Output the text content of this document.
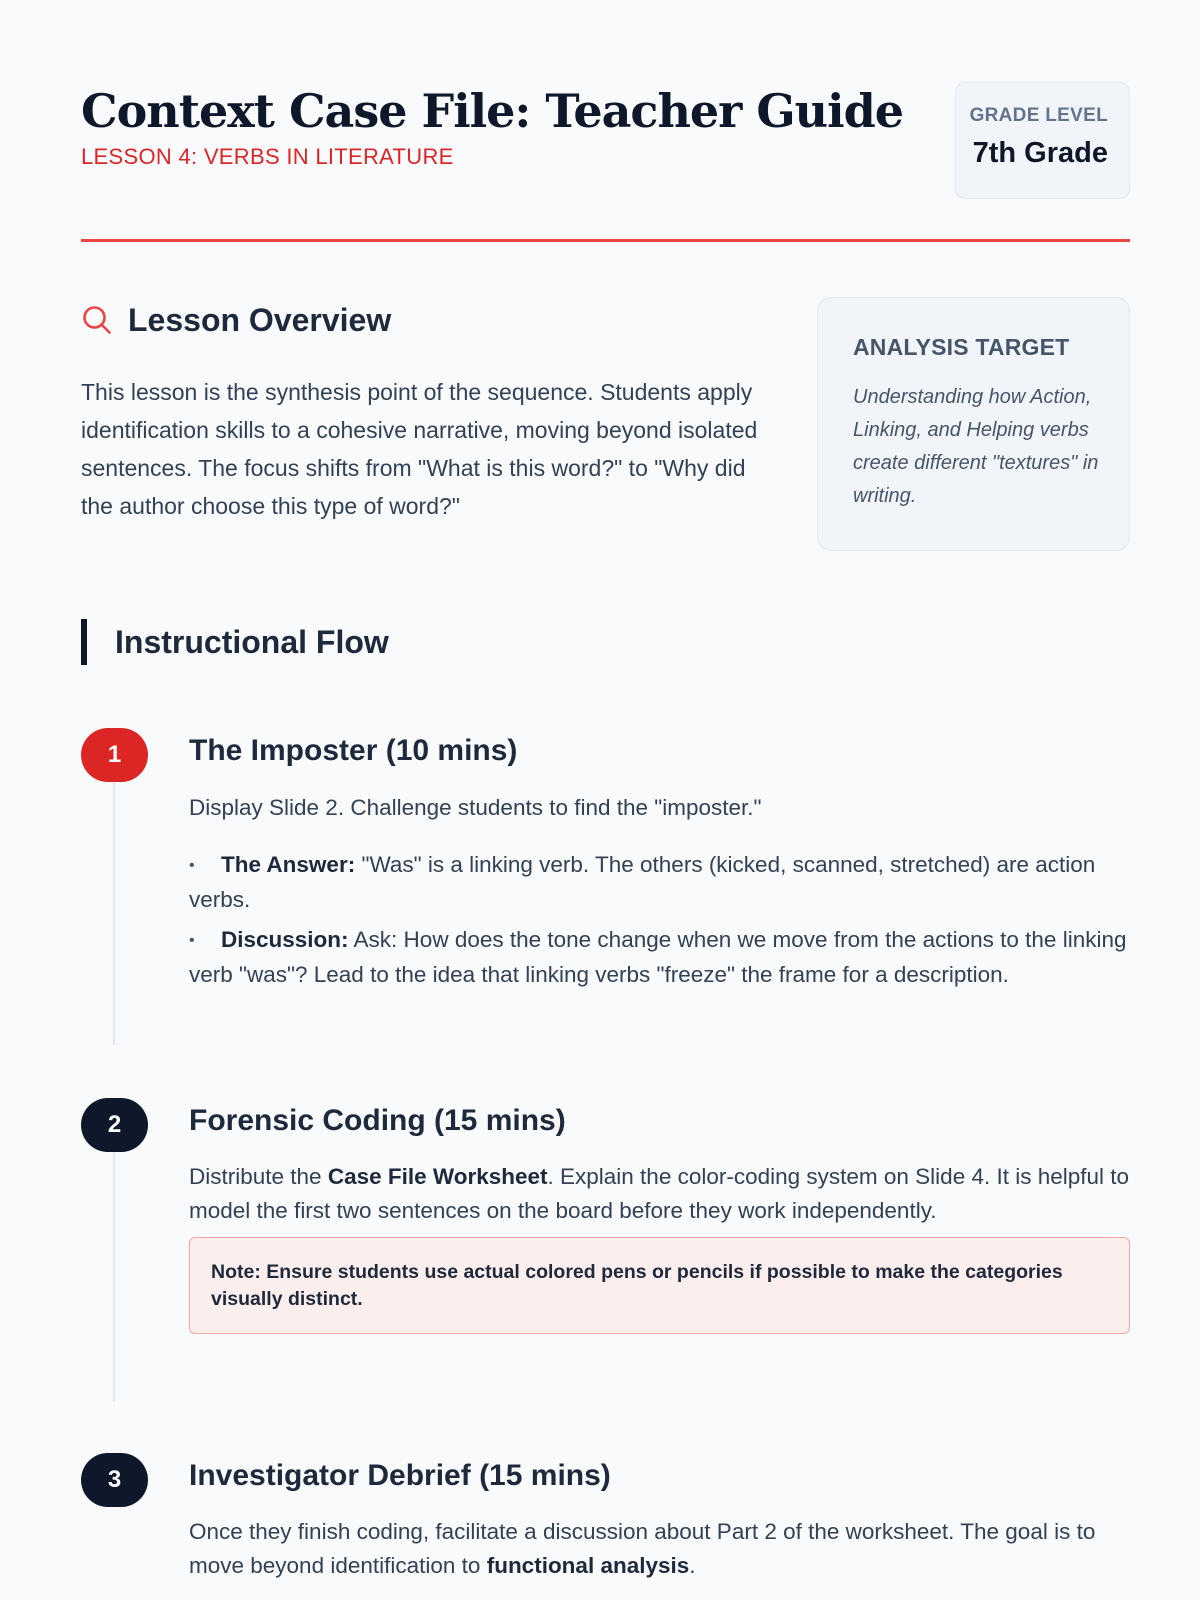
Context Case File: Teacher Guide
LESSON 4: VERBS IN LITERATURE
GRADE LEVEL
7th Grade
Lesson Overview

This lesson is the synthesis point of the sequence. Students apply identification skills to a cohesive narrative, moving beyond isolated sentences. The focus shifts from "What is this word?" to "Why did the author choose this type of word?"

ANALYSIS TARGET
Understanding how Action, Linking, and Helping verbs create different "textures" in writing.
Instructional Flow
1	The Imposter (10 mins)

Display Slide 2. Challenge students to find the "imposter."

• The Answer: "Was" is a linking verb. The others (kicked, scanned, stretched) are action verbs.
• Discussion: Ask: How does the tone change when we move from the actions to the linking verb "was"? Lead to the idea that linking verbs "freeze" the frame for a description.
2	Forensic Coding (15 mins)

Distribute the Case File Worksheet. Explain the color-coding system on Slide 4. It is helpful to model the first two sentences on the board before they work independently.

Note: Ensure students use actual colored pens or pencils if possible to make the categories visually distinct.
3	Investigator Debrief (15 mins)

Once they finish coding, facilitate a discussion about Part 2 of the worksheet. The goal is to move beyond identification to functional analysis.
